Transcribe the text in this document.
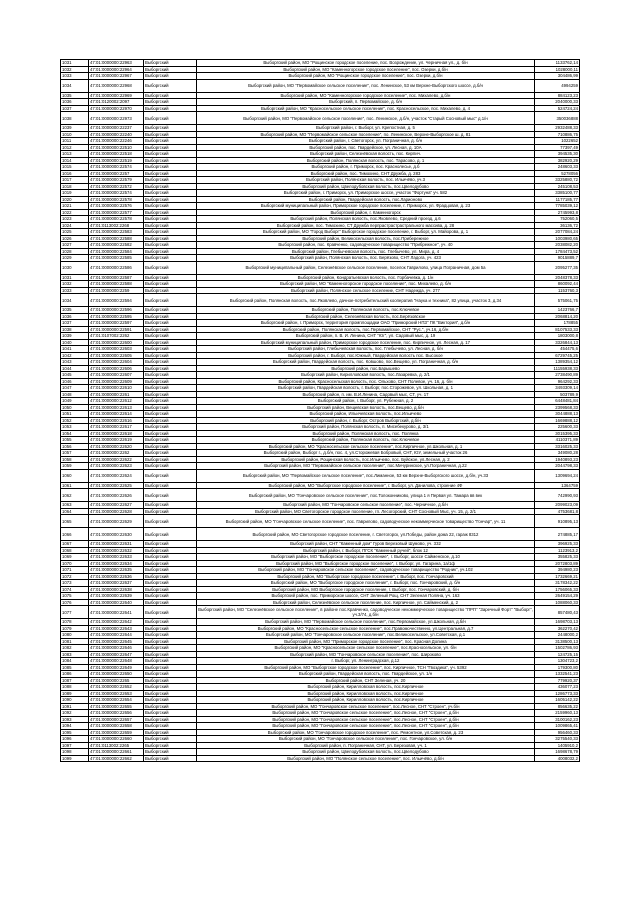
1031	47:01:0000000:22963	Выборгский	Выборгский район, МО "Рощинское городское поселение, пос. Возрождение, ул. Черничная ул., д. б/н	1133762,14
1032	47:01:0000000:22964	Выборгский	Выборгский район, МО "Каменногорское городское поселение", пос. Озерки, д.б/н	1028000,11
1033	47:01:0000000:22967	Выборгский	Выборгский район, МО "Рощинское городское поселение", пос. Озерки, д.б/н	304486,99
1034	47:01:0000000:22968	Выборгский	Выборгский район, МО "Первомайское сельское поселение", пос. Ленинское, 53 км Верхне-Выборгского шоссе, д.б/н	4994259
1035	47:01:0000000:22969	Выборгский	Выборгский район, МО "Каменногорское городское поселение", пос. Михалево, д.б/н	884123,23
1036	47:01:0120002:2097	Выборгский	Выборгский, п. Первомайское, д. б/н	2040000,33
1037	47:01:0000000:22970	Выборгский	Выборгский район, МО "Красносельское сельское поселение", пос. Красносельское, пос. Михалево, д. 4	524724,24
1038	47:01:0000000:22973	Выборгский	Выборгский район, МО "Первомайское сельское поселение", пос. Ленинское, д.б/н, участок "Старый Сосновый мыс" д.1/н	350036888
1039	47:01:0000000:22237	Выборгский	Выборгский район, г. Выборг, ул. Крепостная, д. 5	2932488,33
1010	47:01:0000000:22240	Выборгский	Выборгский район, МО "Первомайское сельское поселение", по. Ленинское, Верхне-Выборгское ш. д. 81	710886,75
1011	47:01:0000000:22246	Выборгский	Выборгский район, г. Светогорск, ул. Пограничная, д. б/н	1022652
1012	47:01:0000000:22510	Выборгский	Выборгский район, пос. Гвардейское, ул. Лесная, д. 10А	77397,49
1013	47:01:0000000:22518	Выборгский	Выборгский район, Селезнёвская волость, пос. Кирпич.	394535,30
1014	47:01:0000000:22519	Выборгский	Выборгский район, Полянская волость, пос. Тарасово, д. 1	382920,29
1015	47:01:0000000:22574	Выборгский	Выборгский район, г. Приморск, пос. Краснолесье, д.б	248603,33
1016	47:01:0000000:2257	Выборгский	Выборгский район, пос. Тимохино, СНТ Дружба, д. 283	5278056
1017	47:01:0000000:22579	Выборгский	Выборгский район, Полянская волость, пос. Ильичёво, уч.3	3325880,72
1018	47:01:0000000:22572	Выборгский	Выборгский район, Цвелодубовская волость, пос.Цвелодубово	245108,53
1019	47:01:0000000:22574	Выборгский	Выборгский район, г. Приморск, ул. Приморское шоссе, участок "Фортуна" уч. 582	3385100,77
1020	47:01:0000000:22578	Выборгский	Выборгский район, Гвардейская волость, пос.Ларионово	1177185,77
1021	47:01:0000000:22576	Выборгский	Выборгский муниципальный район, Приморское городское поселение, г. Приморск, ул. Фрадцовая, д. 23	7785039,12
1022	47:01:0000000:22577	Выборгский	Выборгский район, г. Каменногорск	2745993,8
1023	47:01:0000000:22578	Выборгский	Выборгский район, Полянская волость, пос.Яковлево, Средний проезд, д.6	752060,5
1024	47:01:0113002:2268	Выборгский	Выборгский район, пос. Тимохино, СТ Дружба перпрастрастрастрального массива, д. 28	36136,72
1025	47:01:0000000:22583	Выборгский	Выборгский район, МО "Город Выборг" Выборгское городское поселение, г. Выборг, ул. Майорова, д. 1	2077084,24
1026	47:01:0000000:22588	Выборгский	Выборгский район, Великосельская волость, пос.Прибережное	1003980,65
1027	47:01:0000000:22582	Выборгский	Выборгский район, пос. Кравченко, садоводческое товарищество "Прибрежное", уч. 40	2038082,20
1028	47:01:0000000:22584	Выборгский	Выборгский район, Глебычевская волость, пос. Глебычево, ул. Мира, д. 4	1784473,52
1029	47:01:0000000:22585	Выборгский	Выборгский район, Полянская волость, пос. Берёзово, СНТ Ладога, уч. 423	9015889,7
1030	47:01:0000000:22586	Выборгский	Выборгский муниципальный район, Селезнёвское сельское поселение, поселок Гаврилово, улица Пограничная, дом 5а	2095277,35
1031	47:01:0000000:22587	Выборгский	Выборгский район, Кондратьевская волость, пос. Горбачевка, д. 1/н	2048378,33
1032	47:01:0000000:22588	Выборгский	Выборгский район, МО "Каменногорское городское поселение", пос. Михалево, д. б/н	860092,44
1033	47:01:0000000:2259	Выборгский	Выборгский район, Полянское сельское поселение, СНТ Надежда, уч. 277	1153760,3
1034	47:01:0000000:22594	Выборгский	Выборгский район, Полянская волость, пос.Яковлево, дачное-потребительский кооператив "Наука и техника", 82 улица, участок 3, д.34	575061,75
1035	47:01:0000000:22596	Выборгский	Выборгский район, Полянская волость, пос.Ключевое	1423766,7
1036	47:01:0000000:22595	Выборгский	Выборгский район, Селезнёвская волость, пос.Берёзовское	2068814,20
1037	47:01:0000000:22597	Выборгский	Выборгский район, г. Приморск, территория промплощадки ОАО "Приморский НПЗ" ПК "Виктория", д.б/н	178855
1038	47:01:0000000:22591	Выборгский	Выборгский район, Полянская волость, пос.Первомайское, СНТ "Рус.", уч.16, д.б/н	8107533,33
1039	47:01:0107002:2262	Выборгский	Выборгский район, п. В. И. Ленина, СНТ "Юг", ул. Садовый мыс, д. 19	1803000,8
1040	47:01:0000000:22600	Выборгский	Выборгский муниципальный район, Приморское городское поселение, пос. Кирпичное, ул. Лесная, д. 17	3326844,13
1041	47:01:0000000:22603	Выборгский	Выборгский район, Глебычевская волость, пос. Глебычево, ул. Лесная, д. б/н	454475,6
1042	47:01:0000000:22605	Выборгский	Выборгский район, г. Выборг, пос.Южный, Гвардейская волость пос. Высокое	6729745,25
1043	47:01:0000000:22604	Выборгский	Выборгский район, Гвардейская волость, пос. Ковшово, пос.Вещево, ул. Пограничная, д. б/н	1389354,12
1044	47:01:0000000:22606	Выборгский	Выборгский район, пос.Барышево	11155938,33
1045	47:01:0000000:22607	Выборгский	Выборгский район, Кирилловская волость, пос.Лазаревка, д. 2/1	2738490,89
1046	47:01:0000000:22609	Выборгский	Выборгский район, Красносельская волость, пос. Ольхово, СНТ Полевое, уч. 16, д. б/н	964292,33
1047	47:01:0000000:22610	Выборгский	Выборгский район, Гвардейская волость, г. Выборг, пос.Сторожевое, ул. Школьная, д. 1	3493309,14
1048	47:01:0000000:2261	Выборгский	Выборгский район, п. им. В.И.Ленина, Садовый мыс, СТ, уч. 17	503789,9
1049	47:01:0000000:22612	Выборгский	Выборгский район, г. Выборг, ул. Рубежная, д. 2	6448481,84
1050	47:01:0000000:22613	Выборгский	Выборгский район, Вещевская волость, пос.Вещево, д.б/н	2399568,33
1051	47:01:0000000:22614	Выборгский	Выборгский район, Ильичевская волость, пос.Ильичево	3044888,13
1052	47:01:0000000:22616	Выборгский	Выборгский район, г. Выборг, Остров Выборгский, д.б/н	1669888,12
1053	47:01:0000000:22617	Выборгский	Выборгский район, Полянская волость, п. Мисебекурово, д. 3/1	225600,33
1054	47:01:0000000:22618	Выборгский	Выборгский район, Полянская волость, пос. Полянка	3015395,33
1055	47:01:0000000:22619	Выборгский	Выборгский район, Полянская волость, пос.Ключевое	4110371,89
1056	47:01:0000000:22620	Выборгский	Выборгский район, МО "Красносельское сельское поселение", пос.Кирпичное, ул.Школьная, д. 1	3316025,33
1057	47:01:0000000:2262	Выборгский	Выборгский район, Выборг г., д.б/н, пос. 4, ул.Сторожевая Бобровый, СНТ, ЮУ, земельный участок 26	349080,28
1058	47:01:0000000:22622	Выборгский	Выборгский район, Рощинская волость, пос.Ильичево, пос. Буйское, ул.Лесная, д. 2	1940893,23
1059	47:01:0000000:22623	Выборгский	Выборгский район, МО "Первомайское сельское поселение", пос.Мичуринское, ул.Пограничная, д.22	2044798,33
1060	47:01:0000000:22624	Выборгский	Выборгский район, МО "Первомайское сельское поселение", пос.Лиманное, 53 км Верхне-Выборгского шоссе, д.б/н, уч.33	1309694,24
1061	47:01:0000000:22625	Выборгский	Выборгский район, МО "Выборгское городское поселение", г. Выборг, ул. Данилова, строение 4Ф	1364759
1062	47:01:0000000:22626	Выборгский	Выборгский район, МО "Гончаровское сельское поселение", пос.Толоконниково, улица 1 я Первая ул. Тамара вв век	742990,93
1063	47:01:0000000:22627	Выборгский	Выборгский район, МО "Гончаровское сельское поселение", пос. Черничное, д.б/н	2099023,09
1064	47:01:0000000:22628	Выборгский	Выборгский район, МО Светогорское городское поселение, гп. Лесогорский, СНТ Сосновый Мыс, уч. 15, д. 2/1	4753681,8
1065	47:01:0000000:22629	Выборгский	Выборгский район, МО "Гончаровское сельское поселение", пос. Гаврилово, садоводческое некоммерческое товарищество "Гончар", уч. 11	910895,13
1066	47:01:0000000:22630	Выборгский	Выборгский район, МО Светогорское городское поселение, г. Светогорск, ул.Победы, район дома 22, гараж 8312	274885,17
1067	47:01:0000000:22631	Выборгский	Выборгский район, СНТ "Каменный дом" Гуров Березовый Шумово, уч. 332	396925,33
1068	47:01:0000000:22632	Выборгский	Выборгский район, г. Выборг, ПГСК "Каменный ручей", блок 12	1123913,2
1069	47:01:0000000:22633	Выборгский	Выборгский район, МО "Выборгское городское поселение", г. Выборг, шоссе Сайменское, д.10	355825,33
1070	47:01:0000000:22634	Выборгский	Выборгский район, МО "Выборгское городское поселение", г. Выборг, ул. Гагарина, 1а/1ф	2072803,89
1071	47:01:0000000:22635	Выборгский	Выборгский район, МО "Гончаровское сельское поселение", садоводческое товарищество "Родник", уч.102	394980,23
1072	47:01:0000000:22636	Выборгский	Выборгский район, МО "Выборгское городское поселение", г. Выборг, пос. Гончаровский	1732669,21
1073	47:01:0000000:22637	Выборгский	Выборгский район, МО "Выборгское городское поселение", г. Выборг, пос. Гончаровский, д. б/н	3178342,22
1074	47:01:0000000:22638	Выборгский	Выборгский район, МО Выборгское городское поселение, г. Выборг, пос. Гончаровский, д. б/н	1756065,33
1075	47:01:0000000:22639	Выборгский	Выборгский район, пос. Приморское шоссе, СНТ Зеленый Рощ, СНТ Зеленая Поляна, уч. 163	2649154,29
1076	47:01:0000000:22640	Выборгский	Выборгский район, Селезнёвское сельское поселение, пос. Кирпичное, ул. Сайменский, д. 2	1088060,33
1077	47:01:0000000:22641	Выборгский	Выборгский район, МО "Селезнёвское сельское поселение", в районе пос.Кравченко, садоводческое некоммерческое товарищество "ПРП" "Заречный Форт" "Выборг", уч.3/74, д.б/н	857480,43
1078	47:01:0000000:22642	Выборгский	Выборгский район, МО "Первомайское сельское поселение", пос.Первомайское, ул.Школьная, д.б/н	1698703,13
1079	47:01:0000000:22643	Выборгский	Выборгский район, МО "Красносельское сельское поселение", пос.Правомочественно, ул.Центральная, д.7	362270,42
1080	47:01:0000000:22644	Выборгский	Выборгский район, МО "Гончаровское сельское поселение", пос.Великосельское, ул.Советская, д.1	2448000,2
1081	47:01:0000000:22645	Выборгский	Выборгский район, МО "Приморское городское поселение", пос. Красная Долина	3138500,13
1082	47:01:0000000:22646	Выборгский	Выборгский район, МО "Красносельское сельское поселение", пос.Красносельское, ул. б/н	1502786,93
1083	47:01:0000000:22647	Выборгский	Выборгский район, МО "Гончаровское сельское поселение", пос. Широково	124725,15
1084	47:01:0000000:22648	Выборгский	г. Выборг, ул. Ленинградская, д.12	1304723,2
1085	47:01:0000000:22649	Выборгский	Выборгский район, МО "Выборгское городское поселение", пос. Кирпичное, ТСН "Гвоздика", уч. 5392	179300,80
1086	47:01:0000000:22650	Выборгский	Выборгский район, Гвардейская волость, пос. Гвардейское, ул. 1/н	1332541,23
1087	47:01:0000000:2265	Выборгский	Выборгский район, СНТ Зеленая, уч. 20	779920,37
1088	47:01:0000000:22652	Выборгский	Выборгский район, Кирилловская волость, пос.Кирпичное	436077,23
1089	47:01:0000000:22653	Выборгский	Выборгский район, Кирилловская волость, пос.Кирпичное	1286773,33
1090	47:01:0000000:22654	Выборгский	Выборгский район, Кирилловская волость, пос.Кирпичное	1605142,22
1091	47:01:0000000:22655	Выборгский	Выборгский район, МО "Гончаровское сельское поселение", пос.Лесное, СНТ "Строен", уч.б/н	856635,22
1092	47:01:0000000:22656	Выборгский	Выборгский район, МО "Гончаровское сельское поселение", пос.Лесное, СНТ "Строен", д.б/н	2159960,13
1093	47:01:0000000:22657	Выборгский	Выборгский район, МО "Гончаровское сельское поселение", пос.Лесное, СНТ "Строен", д.б/н	3100162,23
1094	47:01:0000000:22658	Выборгский	Выборгский район, МО "Гончаровское сельское поселение", пос.Лесное, СНТ "Строен", д.б/н	1009865,41
1095	47:01:0000000:22659	Выборгский	Выборгский район, МО "Гончаровское городское поселение", пос. Ремонтное, ул.Советская, д. 23	956460,33
1096	47:01:0000000:22660	Выборгский	Выборгский район, МО "Гончаровское сельское поселение", пос. Гончаровское, ул. б/н	3275540,33
1097	47:01:0113002:2265	Выборгский	Выборгский район, п. Пограничная, СНТ, ул. Березовая, уч. 1	1405910,2
1098	47:01:0000000:22661	Выборгский	Выборгский район, Цвелодубовская волость, пос.Цвелодубово	1698678,79
1099	47:01:0000000:22662	Выборгский	Выборгский район, МО "Полянское сельское поселение", пос. Ильичёво, д.б/н	4008032,2
